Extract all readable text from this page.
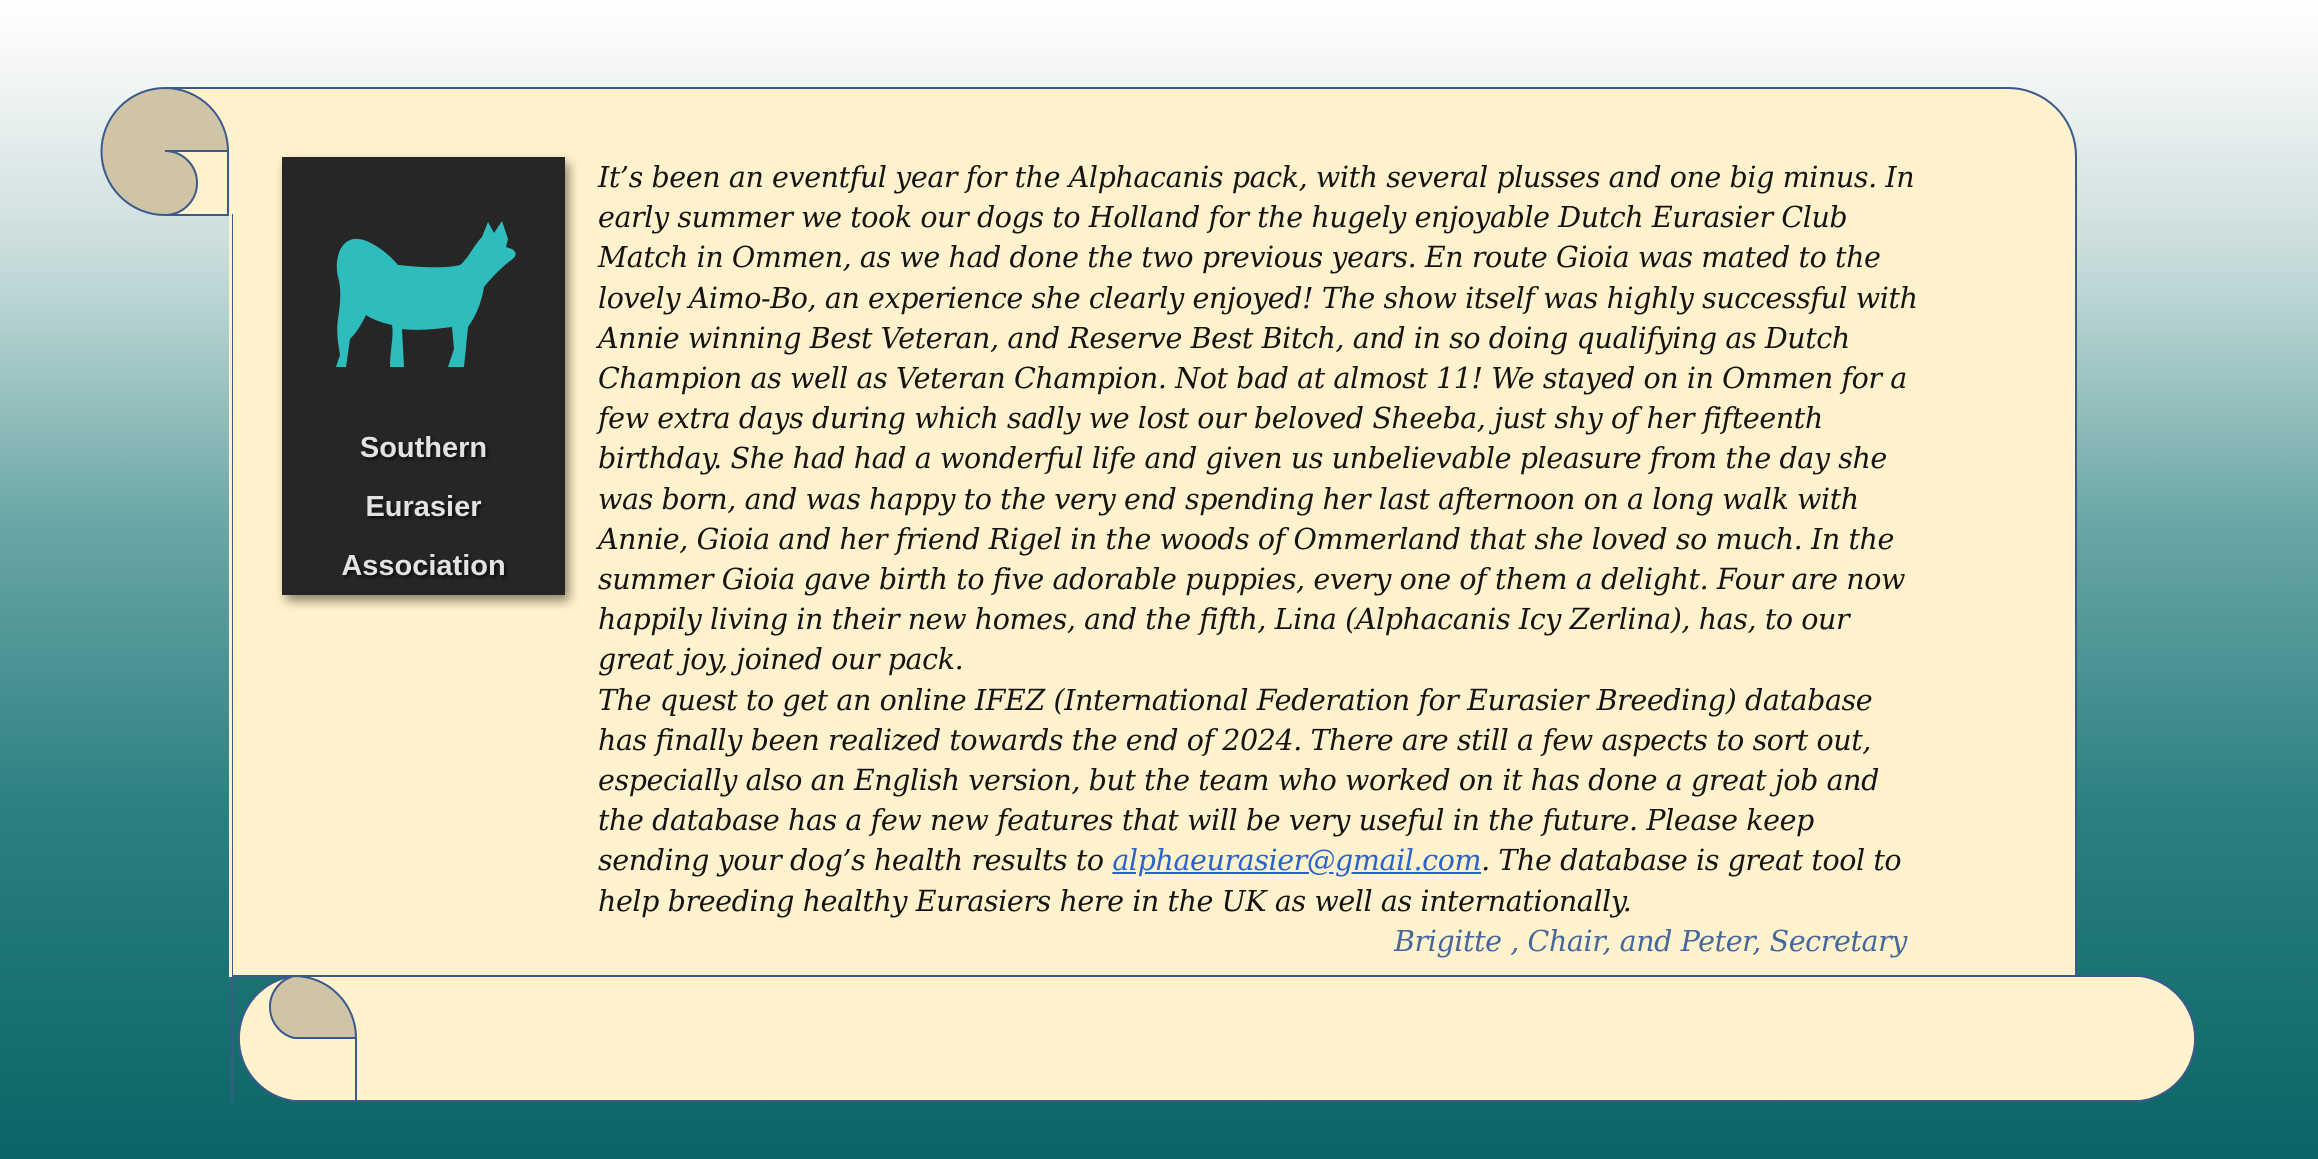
Southern
Eurasier
Association

It’s been an eventful year for the Alphacanis pack, with several plusses and one big minus. In early summer we took our dogs to Holland for the hugely enjoyable Dutch Eurasier Club Match in Ommen, as we had done the two previous years. En route Gioia was mated to the lovely Aimo-Bo, an experience she clearly enjoyed! The show itself was highly successful with Annie winning Best Veteran, and Reserve Best Bitch, and in so doing qualifying as Dutch Champion as well as Veteran Champion. Not bad at almost 11! We stayed on in Ommen for a few extra days during which sadly we lost our beloved Sheeba, just shy of her fifteenth birthday. She had had a wonderful life and given us unbelievable pleasure from the day she was born, and was happy to the very end spending her last afternoon on a long walk with Annie, Gioia and her friend Rigel in the woods of Ommerland that she loved so much. In the summer Gioia gave birth to five adorable puppies, every one of them a delight. Four are now happily living in their new homes, and the fifth, Lina (Alphacanis Icy Zerlina), has, to our great joy, joined our pack.

The quest to get an online IFEZ (International Federation for Eurasier Breeding) database has finally been realized towards the end of 2024. There are still a few aspects to sort out, especially also an English version, but the team who worked on it has done a great job and the database has a few new features that will be very useful in the future. Please keep sending your dog’s health results to alphaeurasier@gmail.com. The database is great tool to help breeding healthy Eurasiers here in the UK as well as internationally.

Brigitte , Chair, and Peter, Secretary
